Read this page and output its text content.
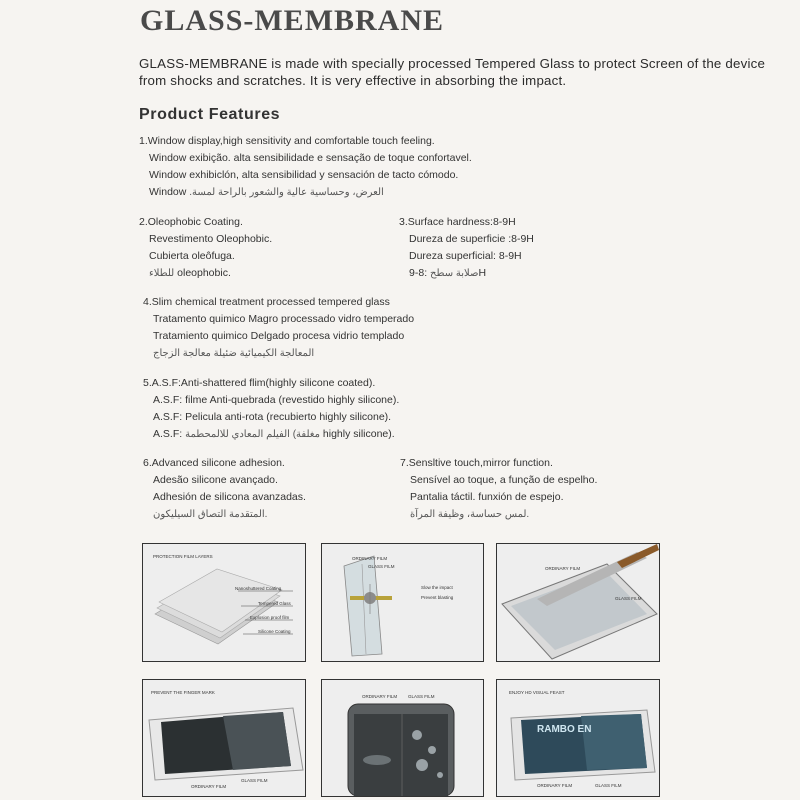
GLASS-MEMBRANE
GLASS-MEMBRANE is made with specially processed Tempered Glass to protect Screen of the device from shocks and scratches. It is very effective in absorbing the impact.
Product Features
1.Window display,high sensitivity and comfortable touch feeling.
Window exibição. alta sensibilidade e sensação de toque confortavel.
Window exhibiclón, alta sensibilidad y sensación de tacto cómodo.
Window العرض، وحساسية عالية والشعور بالراحة لمسة.
2.Oleophobic Coating.
Revestimento Oleophobic.
Cubierta oleôfuga.
للطلاء oleophobic.
3.Surface hardness:8-9H
Dureza de superficie :8-9H
Dureza superficial: 8-9H
صلابة سطح :8-9H
4.Slim chemical treatment processed tempered glass
Tratamento quimico Magro processado vidro temperado
Tratamiento quimico Delgado procesa vidrio templado
المعالجة الكيميائية ضئيلة معالجة الزجاج
5.A.S.F:Anti-shattered flim(highly silicone coated).
A.S.F: filme Anti-quebrada (revestido highly silicone).
A.S.F: Pelicula anti-rota (recubierto highly silicone).
A.S.F: الفيلم المعادي للالمحطمة (مغلفة highly silicone).
6.Advanced silicone adhesion.
Adesão silicone avançado.
Adhesión de silicona avanzadas.
المتقدمة التصاق السيليكون.
7.Sensltive touch,mirror function.
Sensível ao toque, a função de espelho.
Pantalia táctil. funxión de espejo.
لمس حساسة، وظيفة المرآة.
PROTECTION FILM LAYERS
Nanoshuttered Coating
Tempered Glass
Explosion proof film
Silicone Coating
ORDINARY FILM
GLASS FILM
Slow the impact
Prevent blasting
ORDINARY FILM
GLASS FILM
PREVENT THE FINGER MARK
ORDINARY FILM
GLASS FILM
ORDINARY FILM GLASS FILM
ENJOY HD VISUAL FEAST
RAMBO EN
ORDINARY FILM	GLASS FILM
